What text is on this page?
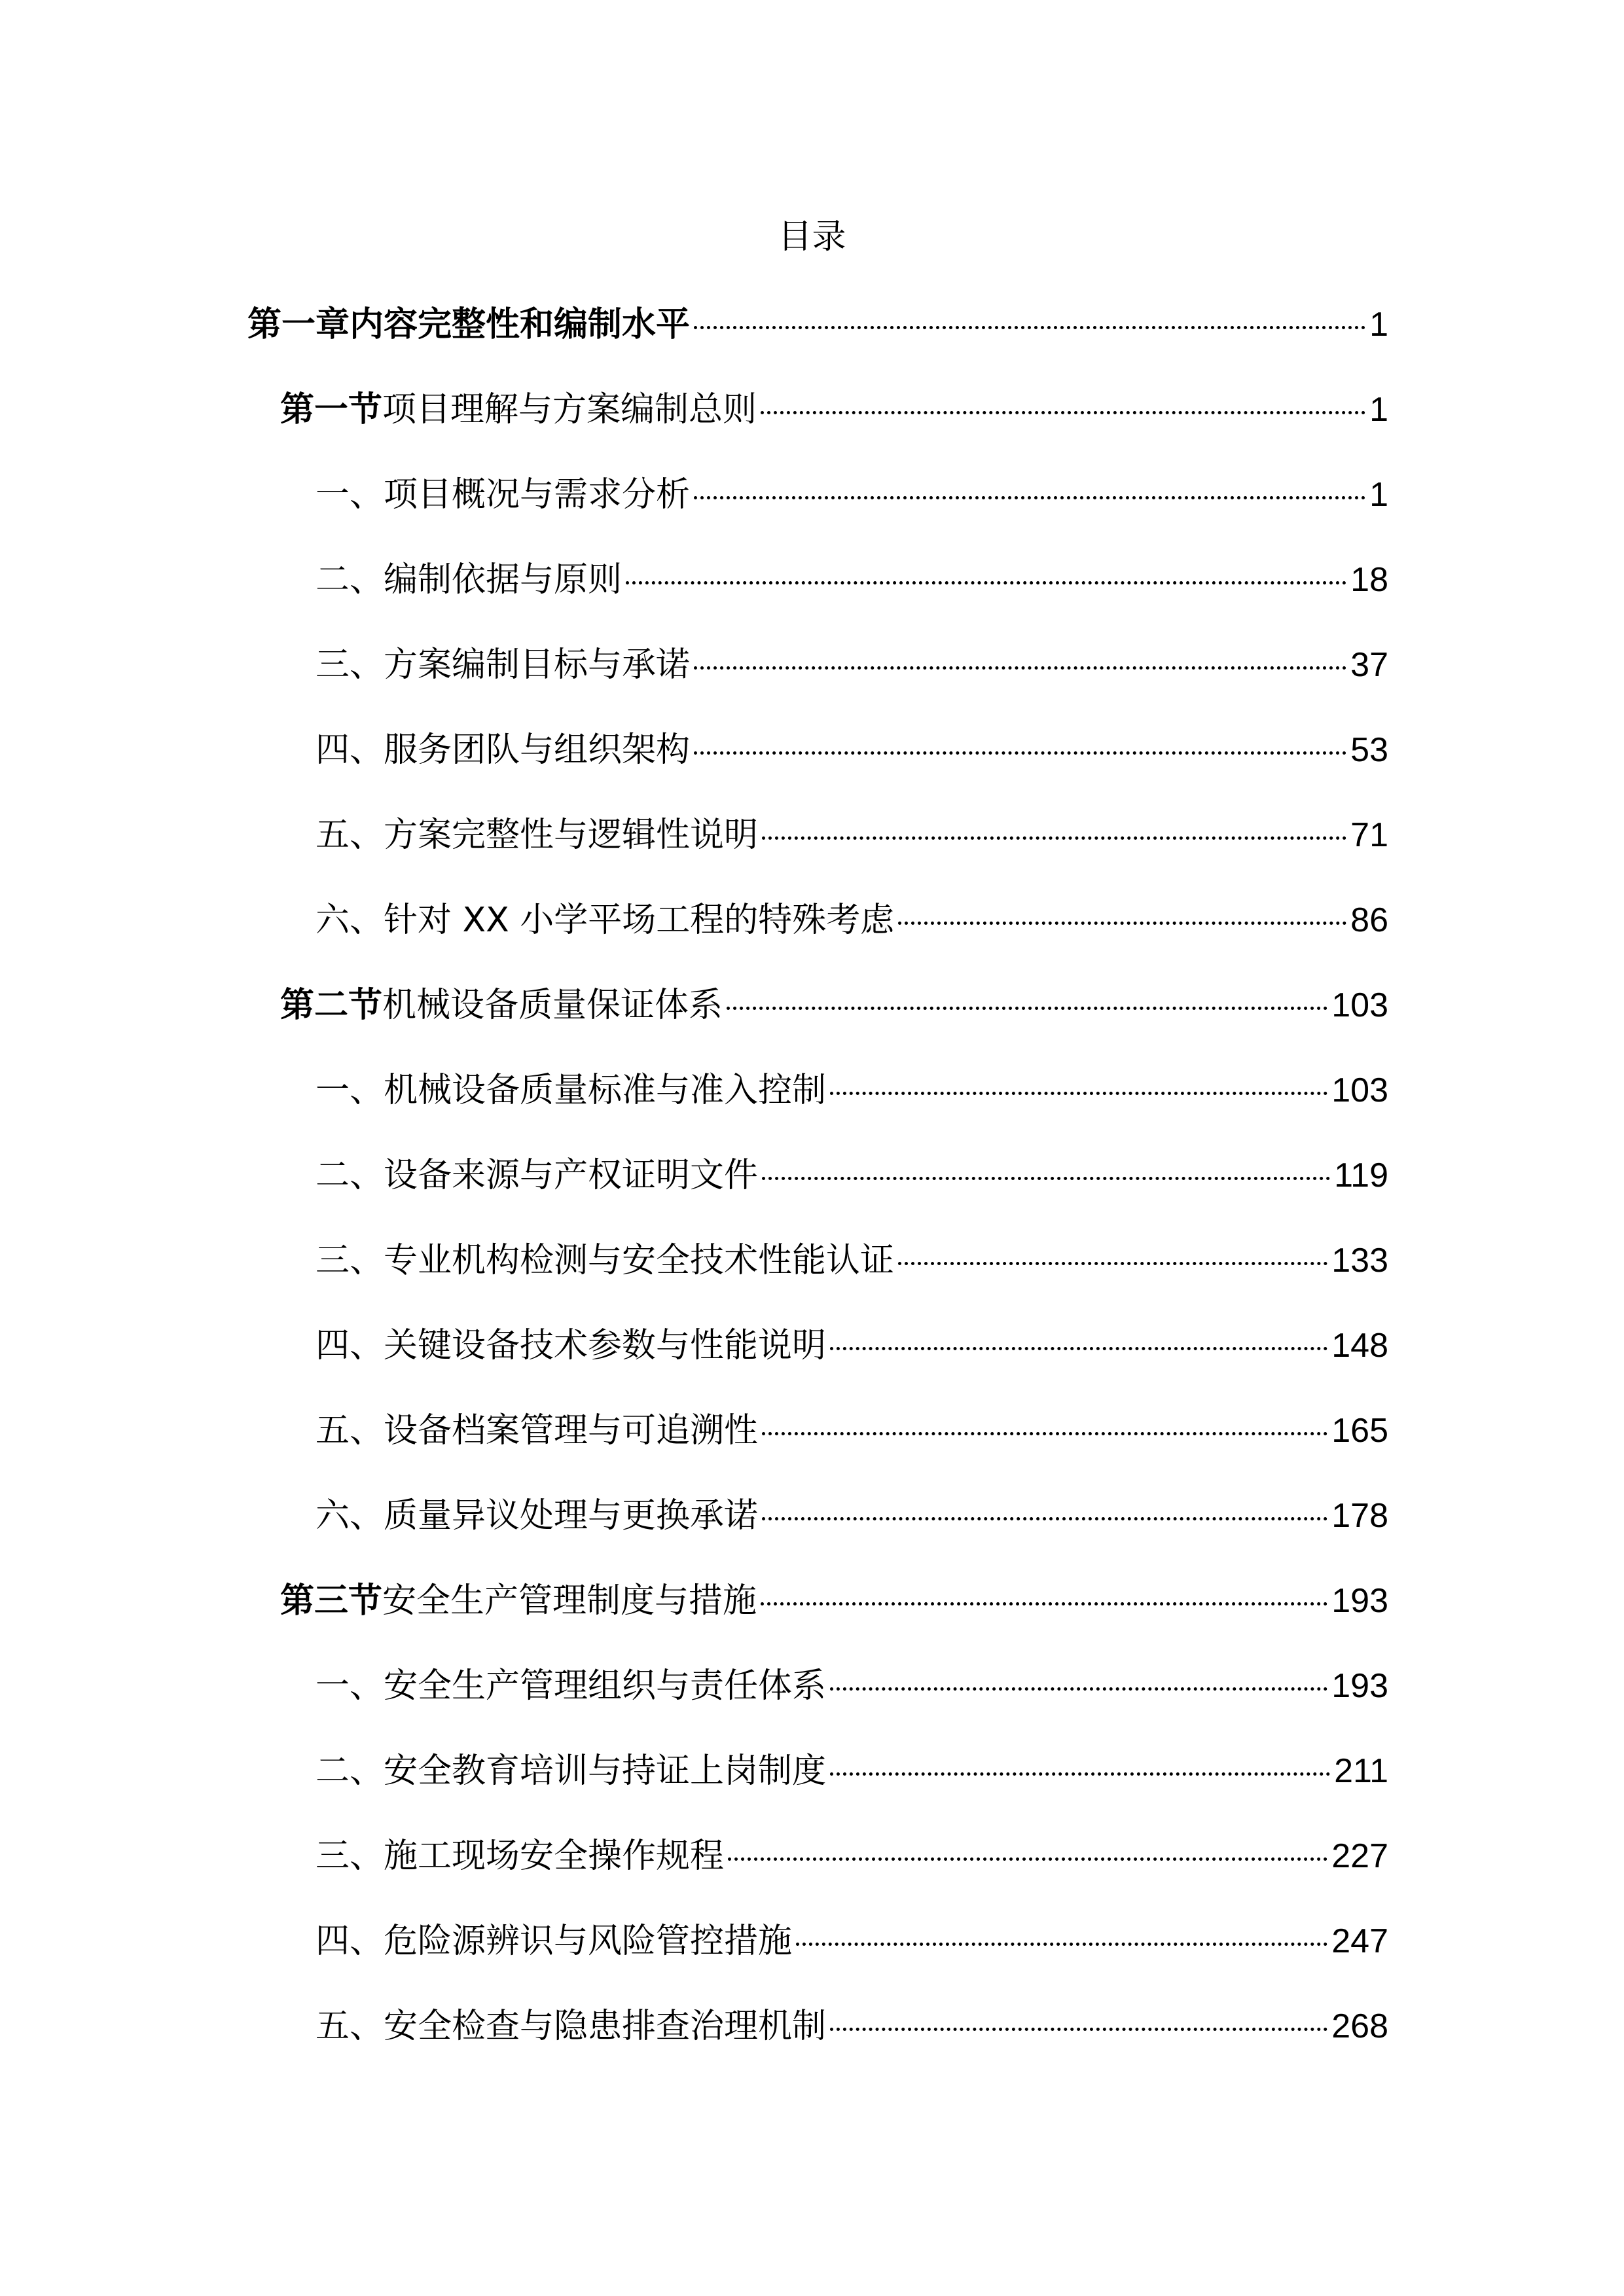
目录
第一章内容完整性和编制水平	1
第一节 项目理解与方案编制总则	1
一、项目概况与需求分析	1
二、编制依据与原则	18
三、方案编制目标与承诺	37
四、服务团队与组织架构	53
五、方案完整性与逻辑性说明	71
六、针对 XX 小学平场工程的特殊考虑	86
第二节 机械设备质量保证体系	103
一、机械设备质量标准与准入控制	103
二、设备来源与产权证明文件	119
三、专业机构检测与安全技术性能认证	133
四、关键设备技术参数与性能说明	148
五、设备档案管理与可追溯性	165
六、质量异议处理与更换承诺	178
第三节 安全生产管理制度与措施	193
一、安全生产管理组织与责任体系	193
二、安全教育培训与持证上岗制度	211
三、施工现场安全操作规程	227
四、危险源辨识与风险管控措施	247
五、安全检查与隐患排查治理机制	268
